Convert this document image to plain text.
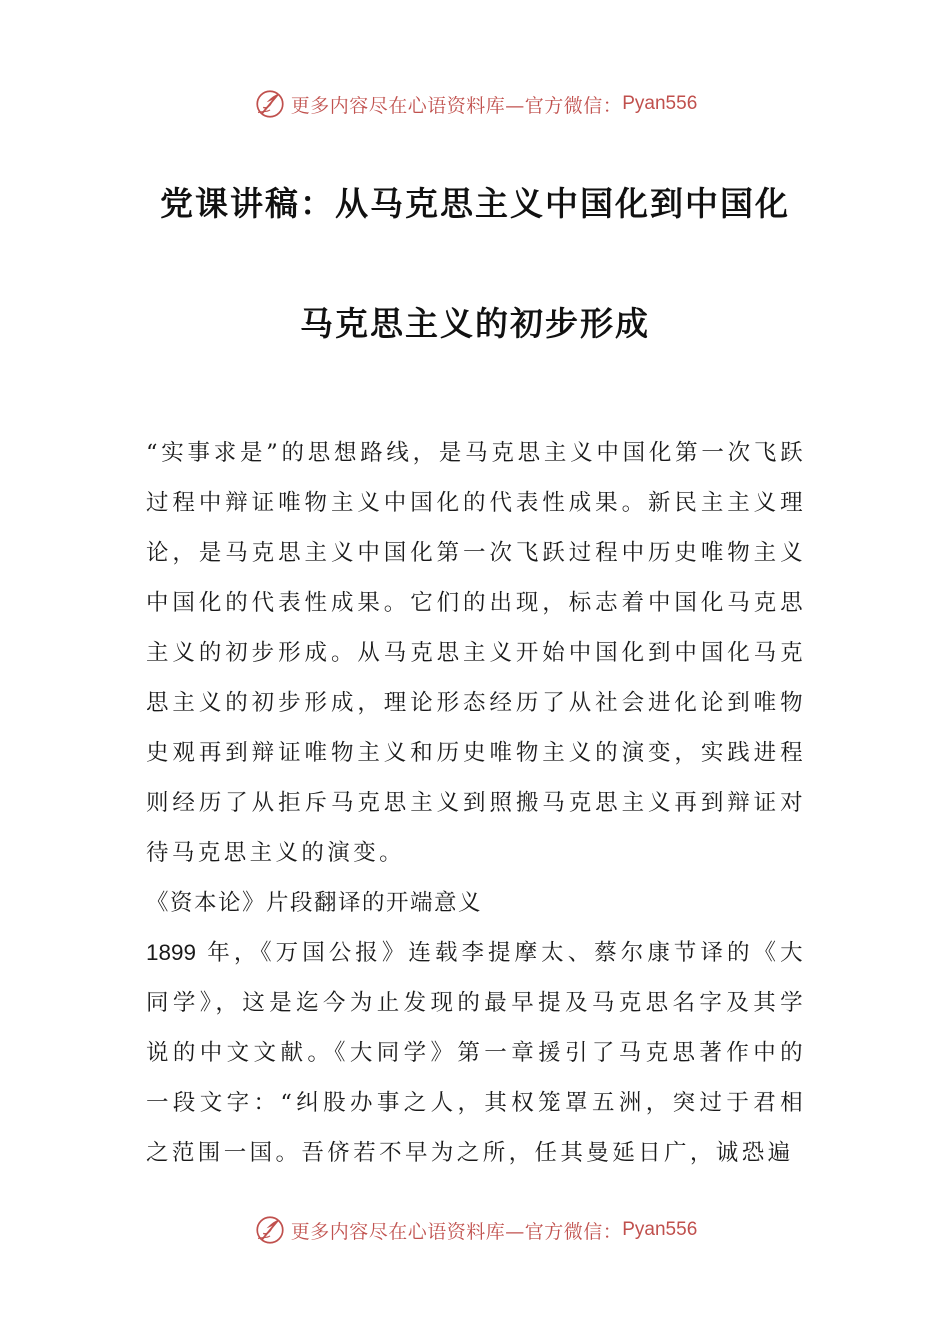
更多内容尽在心语资料库—官方微信： Pyan556
党课讲稿：从马克思主义中国化到中国化
马克思主义的初步形成

“实事求是”的思想路线，是马克思主义中国化第一次飞跃过程中辩证唯物主义中国化的代表性成果。新民主主义理论，是马克思主义中国化第一次飞跃过程中历史唯物主义中国化的代表性成果。它们的出现，标志着中国化马克思主义的初步形成。从马克思主义开始中国化到中国化马克思主义的初步形成，理论形态经历了从社会进化论到唯物史观再到辩证唯物主义和历史唯物主义的演变，实践进程则经历了从拒斥马克思主义到照搬马克思主义再到辩证对待马克思主义的演变。

《资本论》片段翻译的开端意义

1899 年，《万国公报》连载李提摩太、蔡尔康节译的《大同学》，这是迄今为止发现的最早提及马克思名字及其学说的中文文献。《大同学》第一章援引了马克思著作中的一段文字：“纠股办事之人，其权笼罩五洲，突过于君相之范围一国。吾侪若不早为之所，任其曼延日广，诚恐遍

更多内容尽在心语资料库—官方微信： Pyan556
